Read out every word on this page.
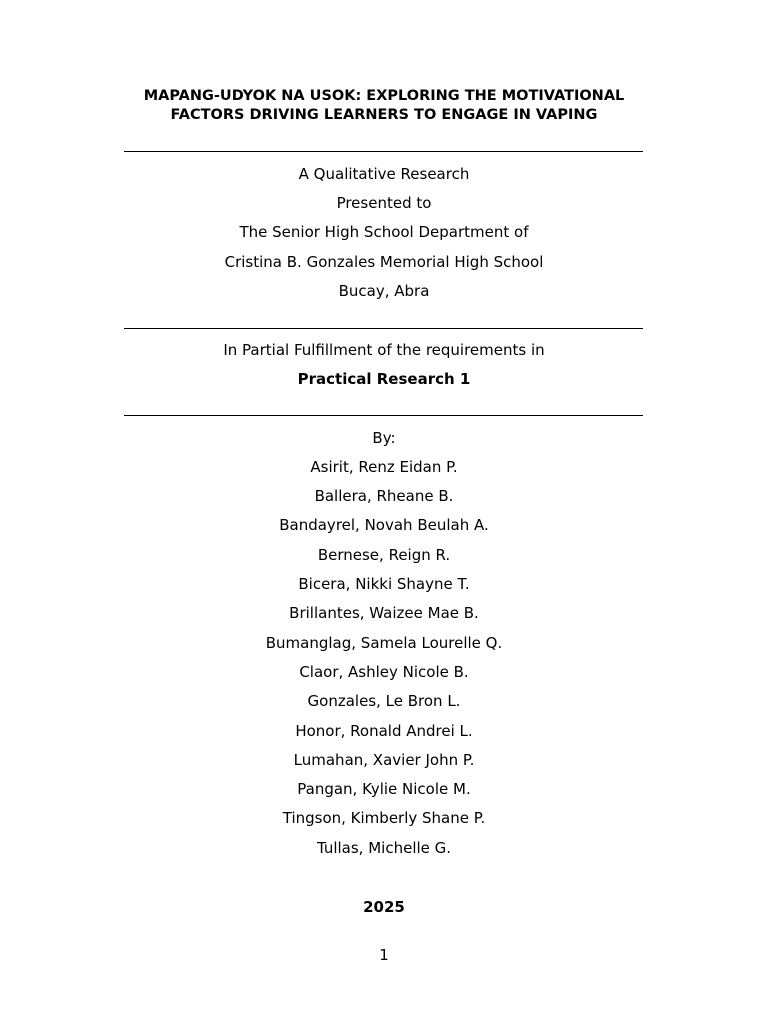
MAPANG-UDYOK NA USOK: EXPLORING THE MOTIVATIONAL
FACTORS DRIVING LEARNERS TO ENGAGE IN VAPING
A Qualitative Research
Presented to
The Senior High School Department of
Cristina B. Gonzales Memorial High School
Bucay, Abra
In Partial Fulfillment of the requirements in
Practical Research 1
By:
Asirit, Renz Eidan P.
Ballera, Rheane B.
Bandayrel, Novah Beulah A.
Bernese, Reign R.
Bicera, Nikki Shayne T.
Brillantes, Waizee Mae B.
Bumanglag, Samela Lourelle Q.
Claor, Ashley Nicole B.
Gonzales, Le Bron L.
Honor, Ronald Andrei L.
Lumahan, Xavier John P.
Pangan, Kylie Nicole M.
Tingson, Kimberly Shane P.
Tullas, Michelle G.
2025
1
